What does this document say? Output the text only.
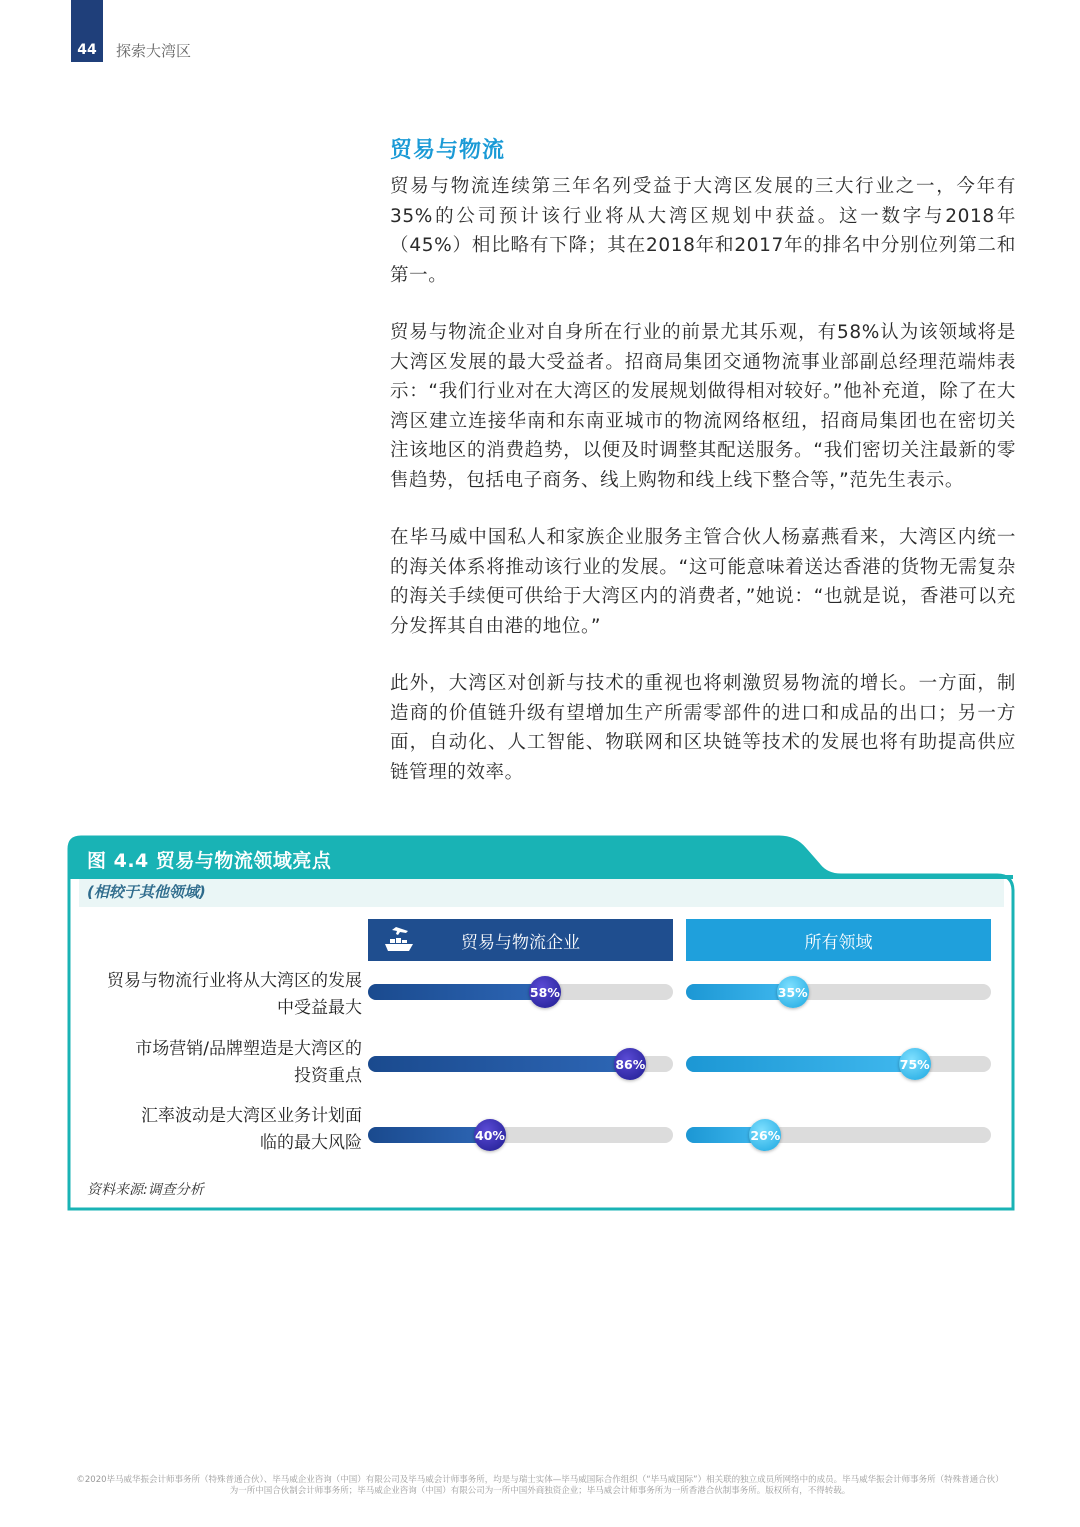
44 探索大湾区
贸易与物流

贸易与物流连续第三年名列受益于大湾区发展的三大行业之一，今年有35%的公司预计该行业将从大湾区规划中获益。这一数字与2018年（45%）相比略有下降；其在2018年和2017年的排名中分别位列第二和第一。

贸易与物流企业对自身所在行业的前景尤其乐观，有58%认为该领域将是大湾区发展的最大受益者。招商局集团交通物流事业部副总经理范端炜表示：“我们行业对在大湾区的发展规划做得相对较好。”他补充道，除了在大湾区建立连接华南和东南亚城市的物流网络枢纽，招商局集团也在密切关注该地区的消费趋势，以便及时调整其配送服务。“我们密切关注最新的零售趋势，包括电子商务、线上购物和线上线下整合等，”范先生表示。

在毕马威中国私人和家族企业服务主管合伙人杨嘉燕看来，大湾区内统一的海关体系将推动该行业的发展。“这可能意味着送达香港的货物无需复杂的海关手续便可供给于大湾区内的消费者，”她说：“也就是说，香港可以充分发挥其自由港的地位。”

此外，大湾区对创新与技术的重视也将刺激贸易物流的增长。一方面，制造商的价值链升级有望增加生产所需零部件的进口和成品的出口；另一方面，自动化、人工智能、物联网和区块链等技术的发展也将有助提高供应链管理的效率。

图 4.4 贸易与物流领域亮点
(相较于其他领域)
贸易与物流企业	所有领域
贸易与物流行业将从大湾区的发展
中受益最大
58%	35%
市场营销/品牌塑造是大湾区的
投资重点
86%	75%
汇率波动是大湾区业务计划面
临的最大风险	40%	26%
资料来源:调查分析
©2020毕马威华振会计师事务所（特殊普通合伙）、毕马威企业咨询（中国）有限公司及毕马威会计师事务所，均是与瑞士实体—毕马威国际合作组织（“毕马威国际”）相关联的独立成员所网络中的成员。毕马威华振会计师事务所（特殊普通合伙）
为一所中国合伙制会计师事务所；毕马威企业咨询（中国）有限公司为一所中国外商独资企业；毕马威会计师事务所为一所香港合伙制事务所。版权所有，不得转载。
